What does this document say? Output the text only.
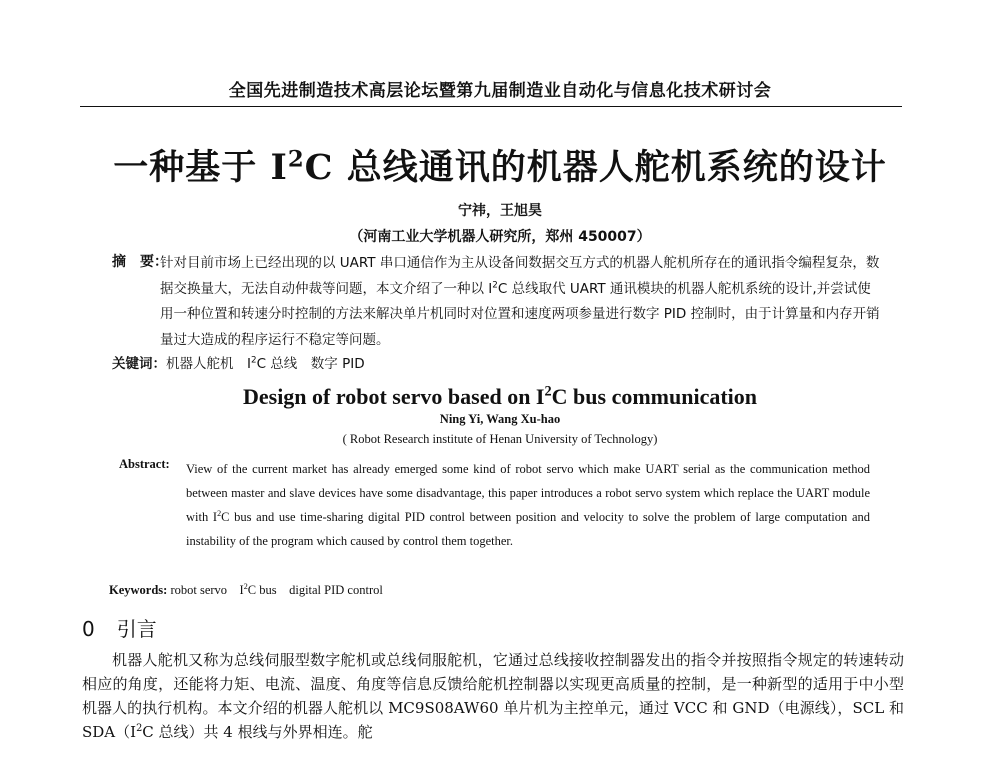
全国先进制造技术高层论坛暨第九届制造业自动化与信息化技术研讨会
一种基于 $I^2C$ 总线通讯的机器人舵机系统的设计
宁祎，王旭昊
（河南工业大学机器人研究所，郑州 450007）
摘　要：
针对目前市场上已经出现的以 UART 串口通信作为主从设备间数据交互方式的机器人舵机所存在的通讯指令编程复杂，数据交换量大，无法自动仲裁等问题，本文介绍了一种以 $I^2C$ 总线取代 UART 通讯模块的机器人舵机系统的设计,并尝试使用一种位置和转速分时控制的方法来解决单片机同时对位置和速度两项参量进行数字 PID 控制时，由于计算量和内存开销量过大造成的程序运行不稳定等问题。
关键词：机器人舵机　$I^2C$ 总线　数字 PID
Design of robot servo based on $I^2C$ bus communication
Ning Yi, Wang Xu-hao
( Robot Research institute of Henan University of Technology)
Abstract: View of the current market has already emerged some kind of robot servo which make UART serial as the communication method between master and slave devices have some disadvantage, this paper introduces a robot servo system which replace the UART module with $I^2C$ bus and use time-sharing digital PID control between position and velocity to solve the problem of large computation and instability of the program which caused by control them together.
Keywords: robot servo　$I^2C$ bus　digital PID control
0 引言

机器人舵机又称为总线伺服型数字舵机或总线伺服舵机，它通过总线接收控制器发出的指令并按照指令规定的转速转动相应的角度，还能将力矩、电流、温度、角度等信息反馈给舵机控制器以实现更高质量的控制，是一种新型的适用于中小型机器人的执行机构。本文介绍的机器人舵机以 MC9S08AW60 单片机为主控单元，通过 VCC 和 GND（电源线），SCL 和 $SDA(I^2C$ 总线）共 4 根线与外界相连。舵
